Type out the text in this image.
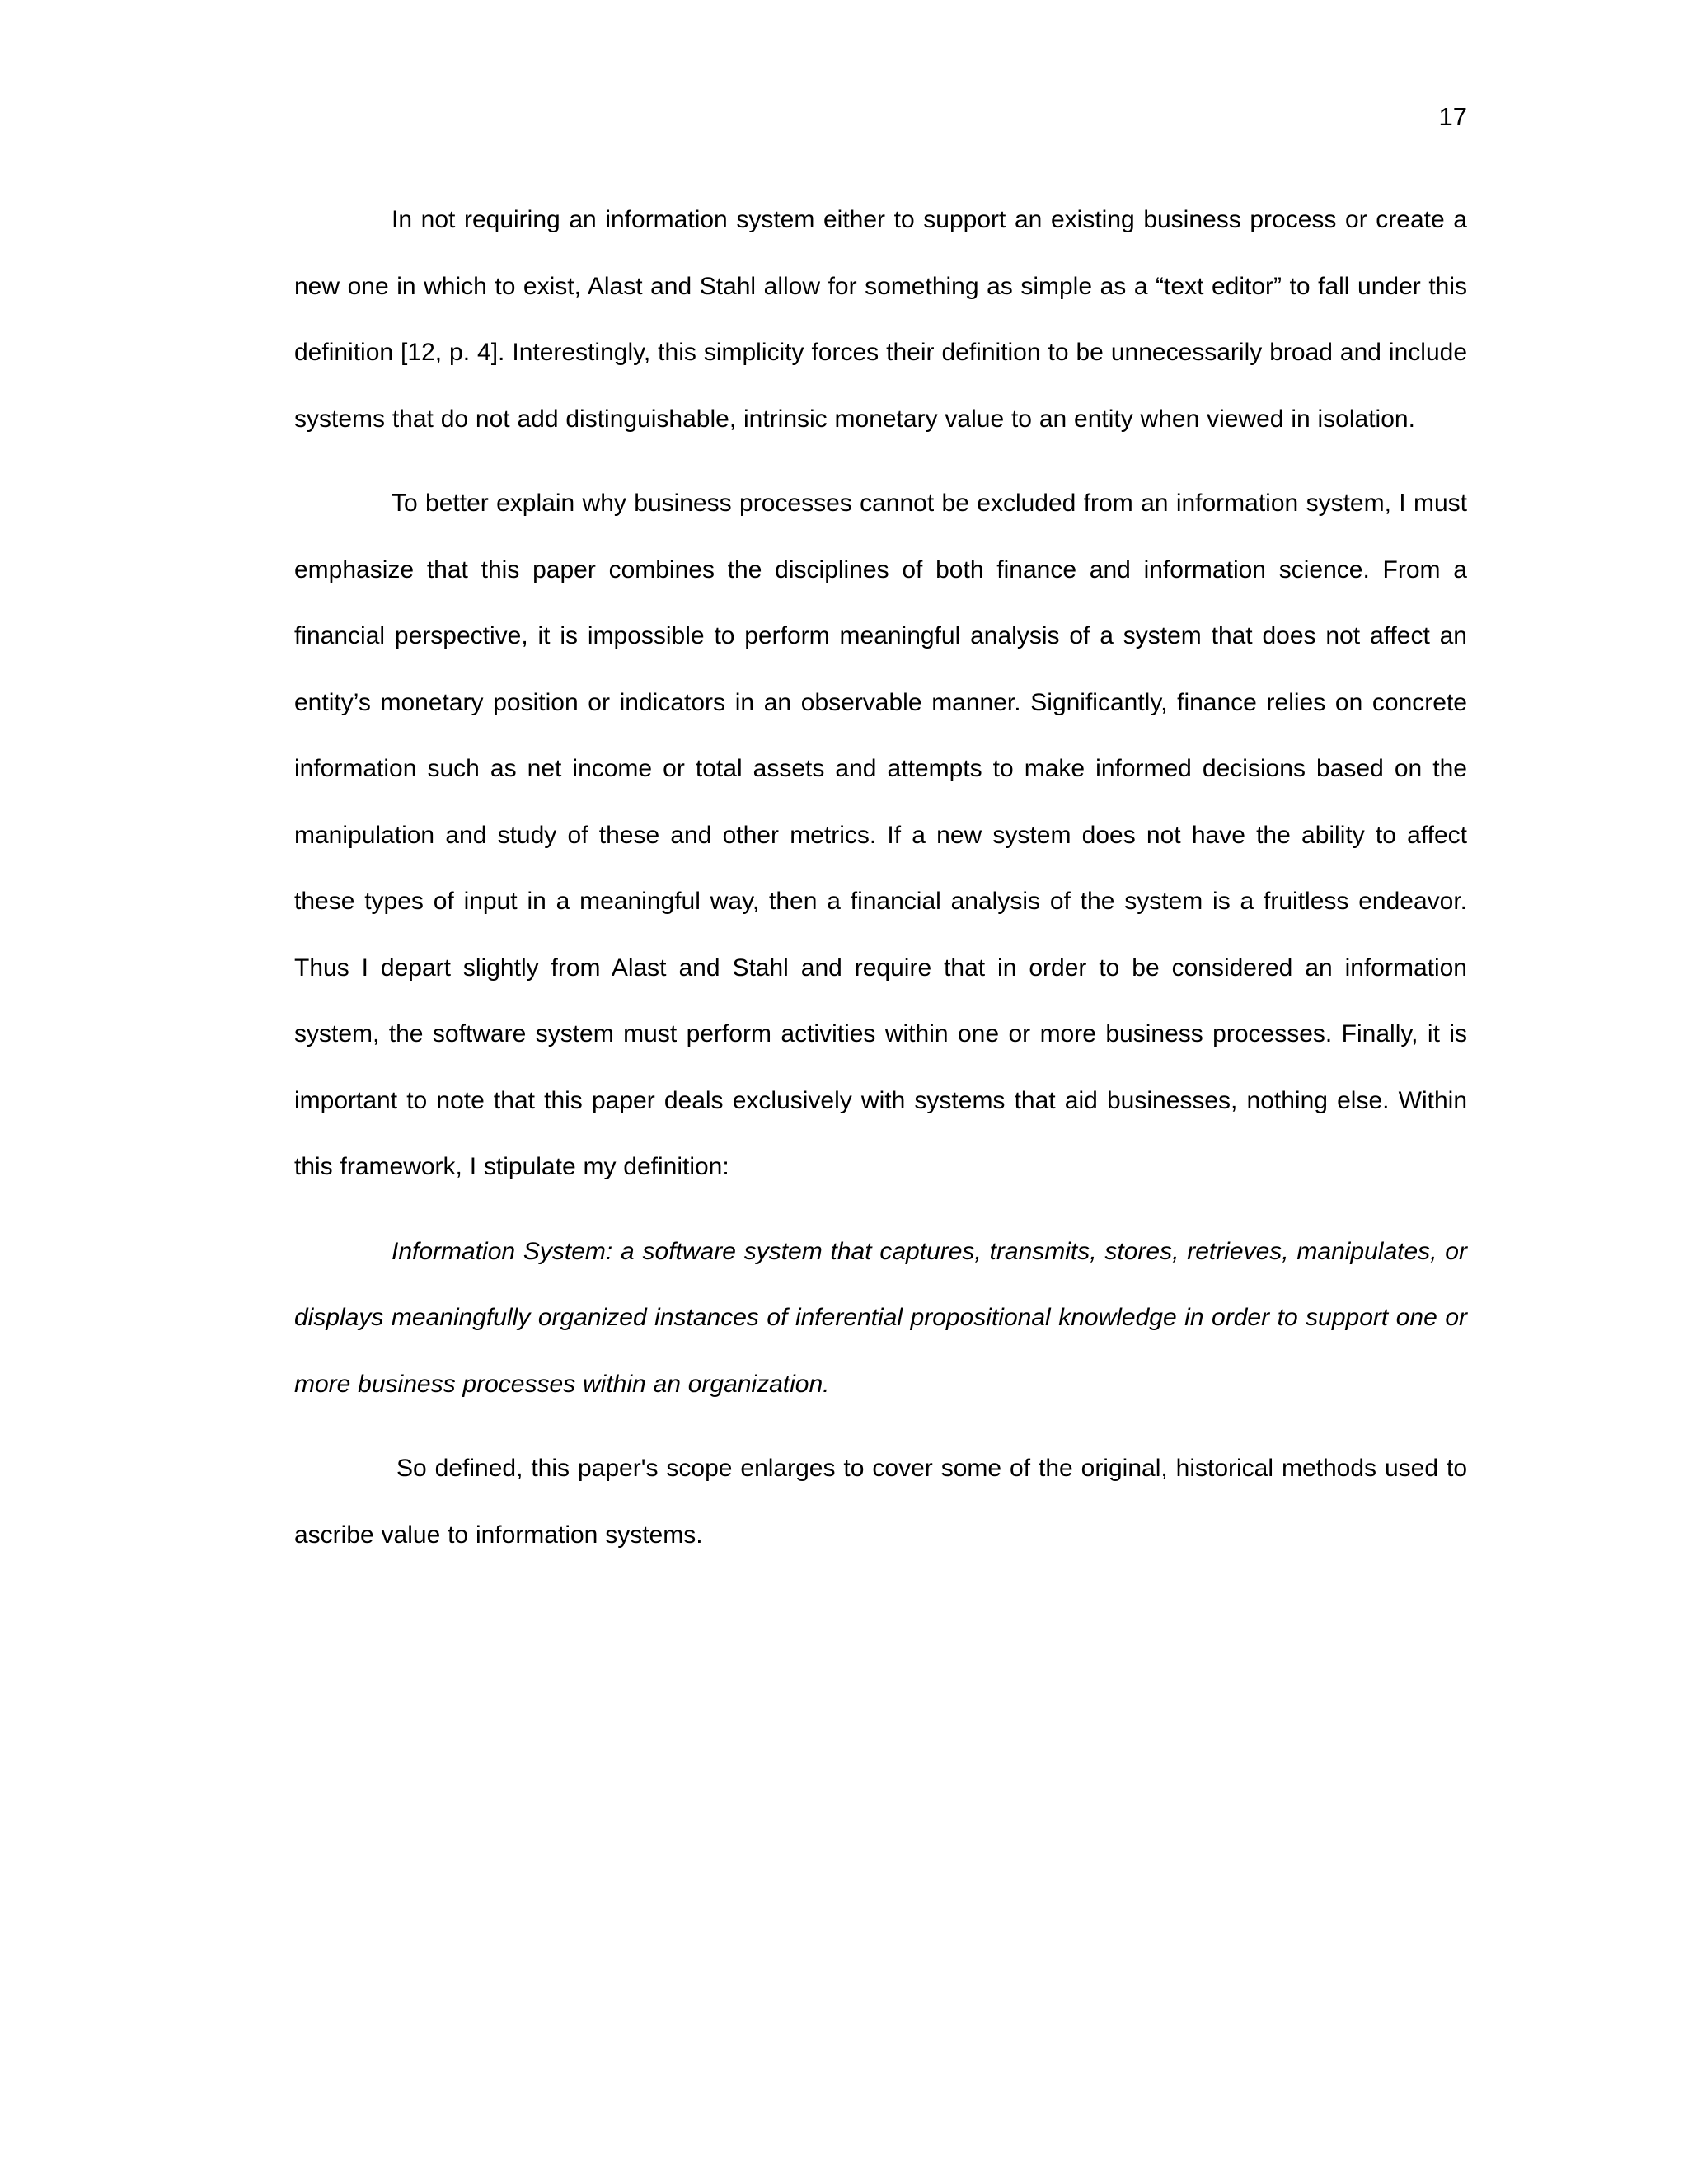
17

In not requiring an information system either to support an existing business process or create a new one in which to exist, Alast and Stahl allow for something as simple as a “text editor” to fall under this definition [12, p. 4]. Interestingly, this simplicity forces their definition to be unnecessarily broad and include systems that do not add distinguishable, intrinsic monetary value to an entity when viewed in isolation.

To better explain why business processes cannot be excluded from an information system, I must emphasize that this paper combines the disciplines of both finance and information science. From a financial perspective, it is impossible to perform meaningful analysis of a system that does not affect an entity’s monetary position or indicators in an observable manner. Significantly, finance relies on concrete information such as net income or total assets and attempts to make informed decisions based on the manipulation and study of these and other metrics. If a new system does not have the ability to affect these types of input in a meaningful way, then a financial analysis of the system is a fruitless endeavor. Thus I depart slightly from Alast and Stahl and require that in order to be considered an information system, the software system must perform activities within one or more business processes. Finally, it is important to note that this paper deals exclusively with systems that aid businesses, nothing else. Within this framework, I stipulate my definition:

Information System: a software system that captures, transmits, stores, retrieves, manipulates, or displays meaningfully organized instances of inferential propositional knowledge in order to support one or more business processes within an organization.

So defined, this paper's scope enlarges to cover some of the original, historical methods used to ascribe value to information systems.
